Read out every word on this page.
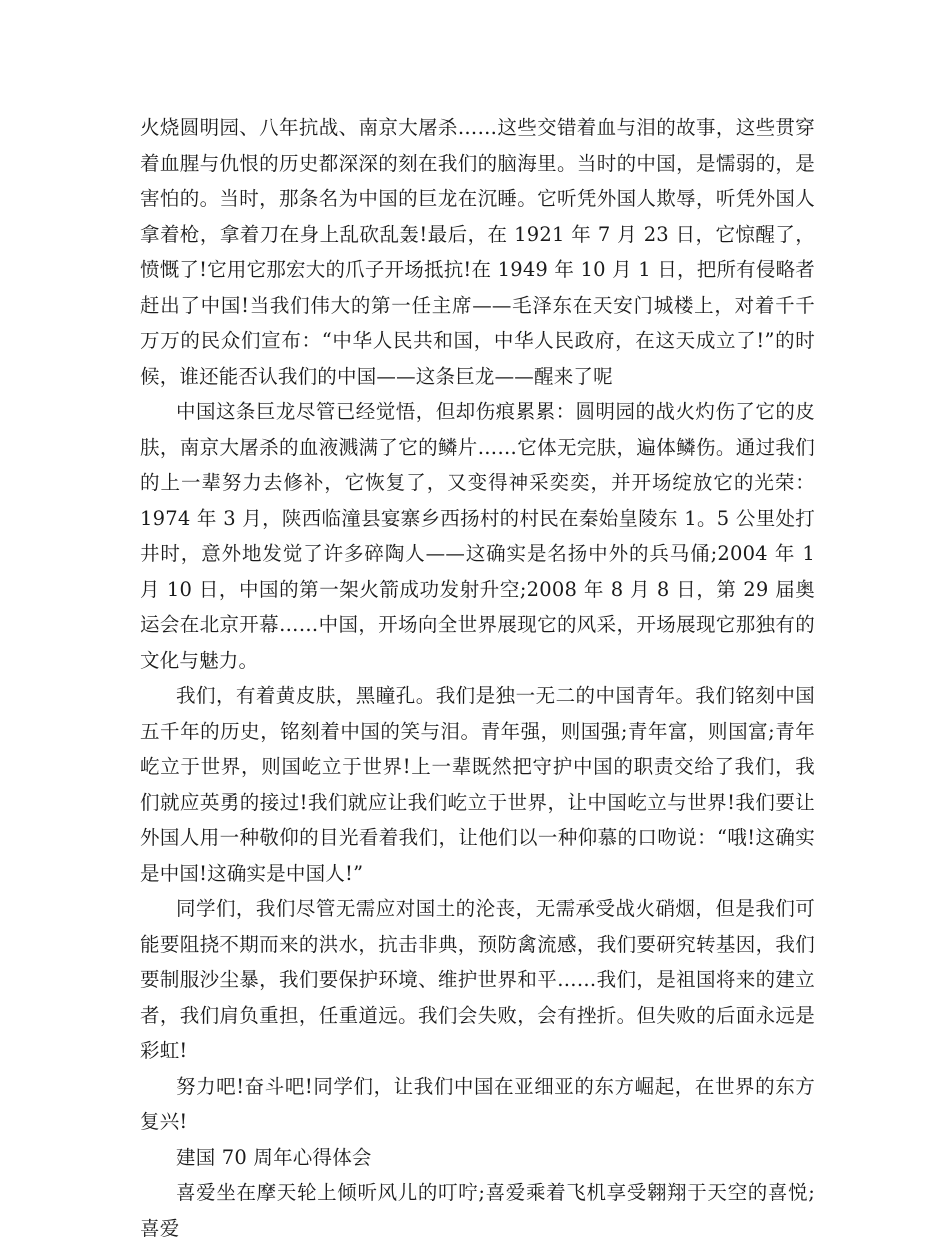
火烧圆明园、八年抗战、南京大屠杀……这些交错着血与泪的故事，这些贯穿着血腥与仇恨的历史都深深的刻在我们的脑海里。当时的中国，是懦弱的，是害怕的。当时，那条名为中国的巨龙在沉睡。它听凭外国人欺辱，听凭外国人拿着枪，拿着刀在身上乱砍乱轰!最后，在 1921 年 7 月 23 日，它惊醒了，愤慨了!它用它那宏大的爪子开场抵抗!在 1949 年 10 月 1 日，把所有侵略者赶出了中国!当我们伟大的第一任主席——毛泽东在天安门城楼上，对着千千万万的民众们宣布：“中华人民共和国，中华人民政府，在这天成立了!”的时候，谁还能否认我们的中国——这条巨龙——醒来了呢

中国这条巨龙尽管已经觉悟，但却伤痕累累：圆明园的战火灼伤了它的皮肤，南京大屠杀的血液溅满了它的鳞片……它体无完肤，遍体鳞伤。通过我们的上一辈努力去修补，它恢复了，又变得神采奕奕，并开场绽放它的光荣：1974 年 3 月，陕西临潼县宴寨乡西扬村的村民在秦始皇陵东 1。5 公里处打井时，意外地发觉了许多碎陶人——这确实是名扬中外的兵马俑;2004 年 1 月 10 日，中国的第一架火箭成功发射升空;2008 年 8 月 8 日，第 29 届奥运会在北京开幕……中国，开场向全世界展现它的风采，开场展现它那独有的文化与魅力。

我们，有着黄皮肤，黑瞳孔。我们是独一无二的中国青年。我们铭刻中国五千年的历史，铭刻着中国的笑与泪。青年强，则国强;青年富，则国富;青年屹立于世界，则国屹立于世界!上一辈既然把守护中国的职责交给了我们，我们就应英勇的接过!我们就应让我们屹立于世界，让中国屹立与世界!我们要让外国人用一种敬仰的目光看着我们，让他们以一种仰慕的口吻说：“哦!这确实是中国!这确实是中国人!”

同学们，我们尽管无需应对国土的沦丧，无需承受战火硝烟，但是我们可能要阻挠不期而来的洪水，抗击非典，预防禽流感，我们要研究转基因，我们要制服沙尘暴，我们要保护环境、维护世界和平……我们，是祖国将来的建立者，我们肩负重担，任重道远。我们会失败，会有挫折。但失败的后面永远是彩虹!

努力吧!奋斗吧!同学们，让我们中国在亚细亚的东方崛起，在世界的东方复兴!

建国 70 周年心得体会

喜爱坐在摩天轮上倾听风儿的叮咛;喜爱乘着飞机享受翱翔于天空的喜悦;喜爱
